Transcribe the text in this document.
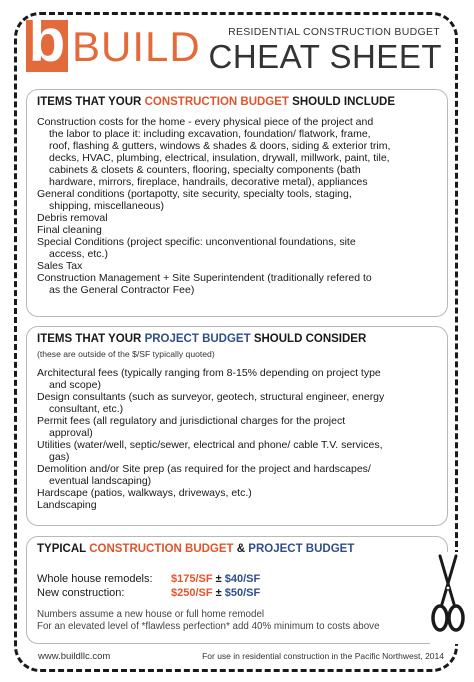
b BUILD	RESIDENTIAL CONSTRUCTION BUDGET
CHEAT SHEET
ITEMS THAT YOUR CONSTRUCTION BUDGET SHOULD INCLUDE
Construction costs for the home - every physical piece of the project and
the labor to place it: including excavation, foundation/ flatwork, frame,
roof, flashing & gutters, windows & shades & doors, siding & exterior trim,
decks, HVAC, plumbing, electrical, insulation, drywall, millwork, paint, tile,
cabinets & closets & counters, flooring, specialty components (bath
hardware, mirrors, fireplace, handrails, decorative metal), appliances
General conditions (portapotty, site security, specialty tools, staging,
shipping, miscellaneous)
Debris removal
Final cleaning
Special Conditions (project specific: unconventional foundations, site
access, etc.)
Sales Tax
Construction Management + Site Superintendent (traditionally refered to
as the General Contractor Fee)
ITEMS THAT YOUR PROJECT BUDGET SHOULD CONSIDER
(these are outside of the $/SF typically quoted)
Architectural fees (typically ranging from 8-15% depending on project type
and scope)
Design consultants (such as surveyor, geotech, structural engineer, energy
consultant, etc.)
Permit fees (all regulatory and jurisdictional charges for the project
approval)
Utilities (water/well, septic/sewer, electrical and phone/ cable T.V. services,
gas)
Demolition and/or Site prep (as required for the project and hardscapes/
eventual landscaping)
Hardscape (patios, walkways, driveways, etc.)
Landscaping
TYPICAL CONSTRUCTION BUDGET & PROJECT BUDGET
Whole house remodels: $175/SF ± $40/SF
New construction:	$250/SF ± $50/SF
Numbers assume a new house or full home remodel
For an elevated level of *flawless perfection* add 40% minimum to costs above
www.buildllc.com	For use in residential construction in the Pacific Northwest, 2014
